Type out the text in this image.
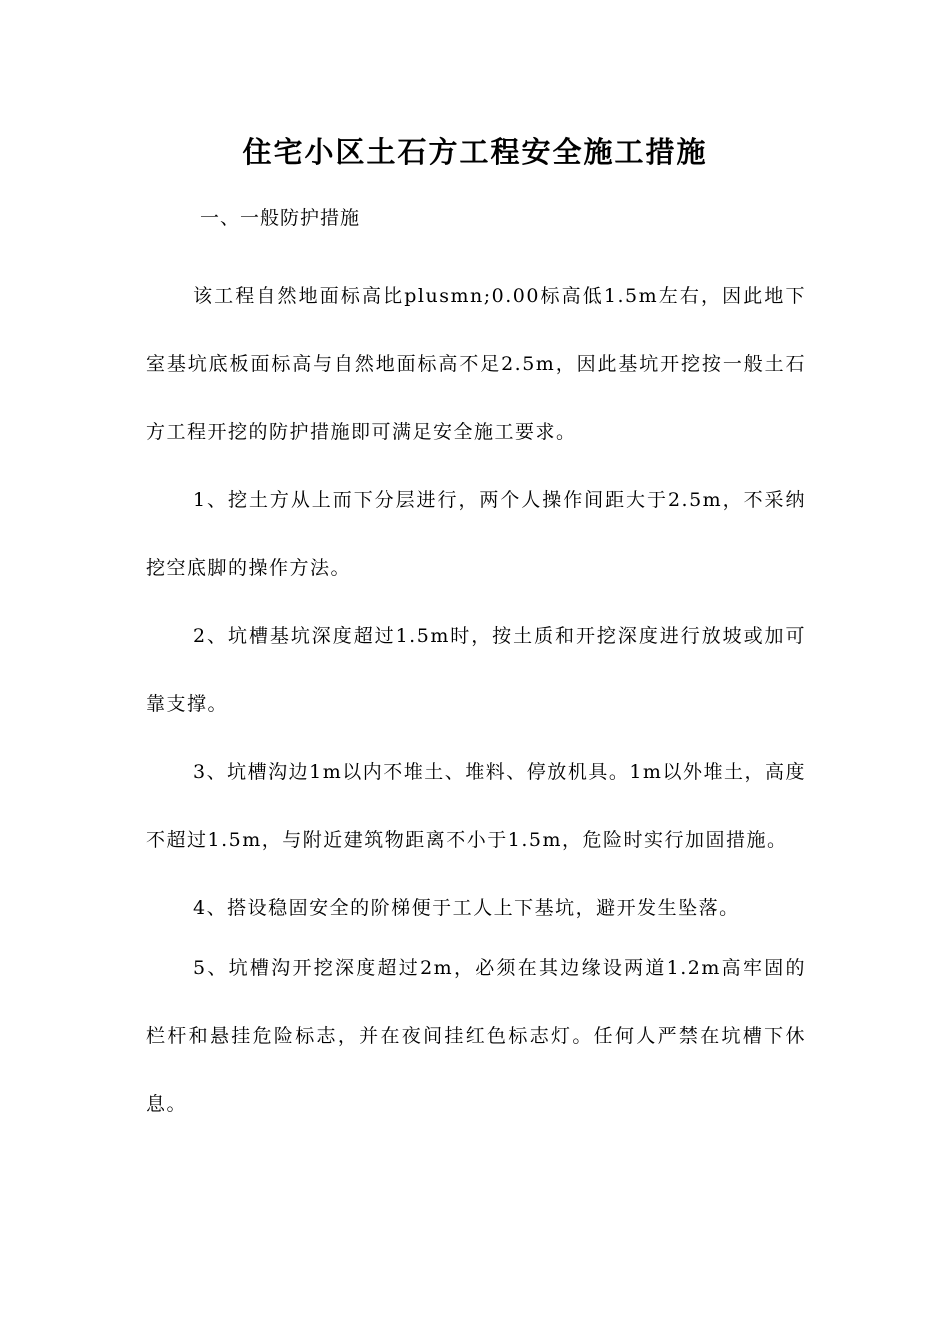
住宅小区土石方工程安全施工措施
一、一般防护措施

该工程自然地面标高比plusmn;0.00标高低1.5m左右，因此地下室基坑底板面标高与自然地面标高不足2.5m，因此基坑开挖按一般土石方工程开挖的防护措施即可满足安全施工要求。

1、挖土方从上而下分层进行，两个人操作间距大于2.5m，不采纳挖空底脚的操作方法。

2、坑槽基坑深度超过1.5m时，按土质和开挖深度进行放坡或加可靠支撑。

3、坑槽沟边1m以内不堆土、堆料、停放机具。1m以外堆土，高度不超过1.5m，与附近建筑物距离不小于1.5m，危险时实行加固措施。

4、搭设稳固安全的阶梯便于工人上下基坑，避开发生坠落。

5、坑槽沟开挖深度超过2m，必须在其边缘设两道1.2m高牢固的栏杆和悬挂危险标志，并在夜间挂红色标志灯。任何人严禁在坑槽下休息。
